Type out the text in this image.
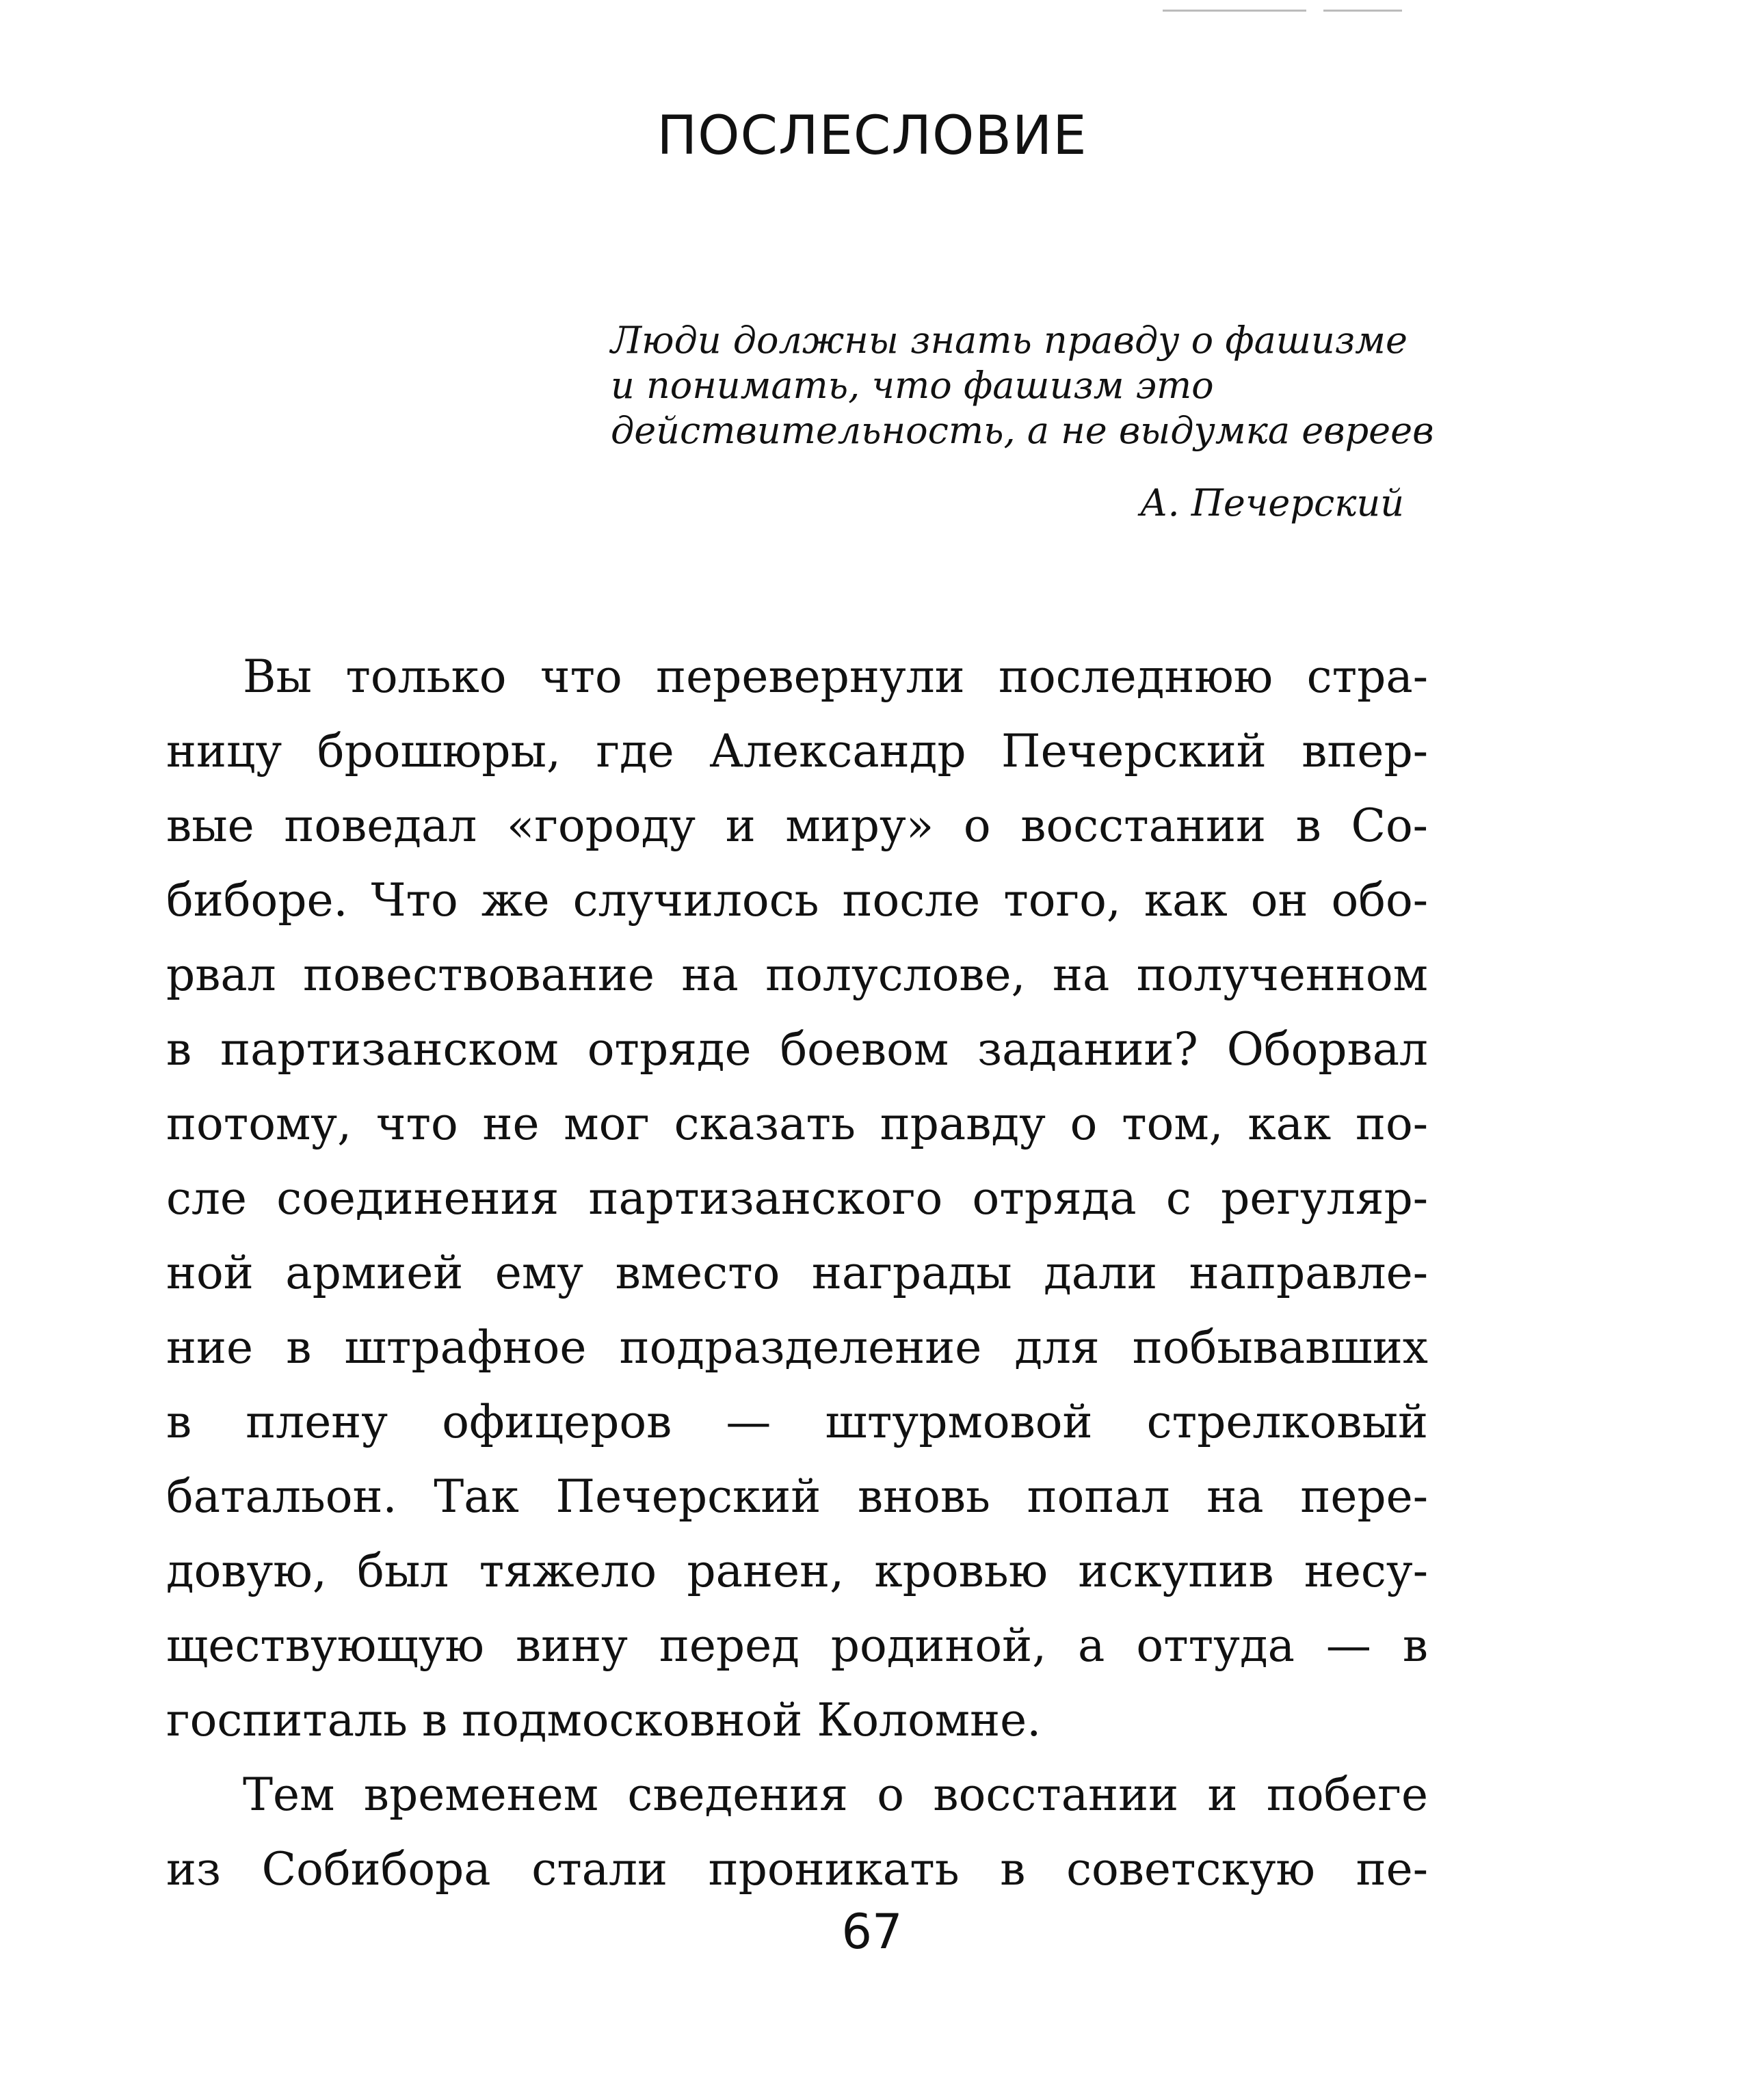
ПОСЛЕСЛОВИЕ
Люди должны знать правду о фашизме
и понимать, что фашизм это
действительность, а не выдумка евреев
А. Печерский
Вы только что перевернули последнюю стра-
ницу брошюры, где Александр Печерский впер-
вые поведал «городу и миру» о восстании в Со-
биборе. Что же случилось после того, как он обо-
рвал повествование на полуслове, на полученном
в партизанском отряде боевом задании? Оборвал
потому, что не мог сказать правду о том, как по-
сле соединения партизанского отряда с регуляр-
ной армией ему вместо награды дали направле-
ние в штрафное подразделение для побывавших
в плену офицеров — штурмовой стрелковый
батальон. Так Печерский вновь попал на пере-
довую, был тяжело ранен, кровью искупив несу-
ществующую вину перед родиной, а оттуда — в
госпиталь в подмосковной Коломне.
Тем временем сведения о восстании и побеге
из Собибора стали проникать в советскую пе-
67
